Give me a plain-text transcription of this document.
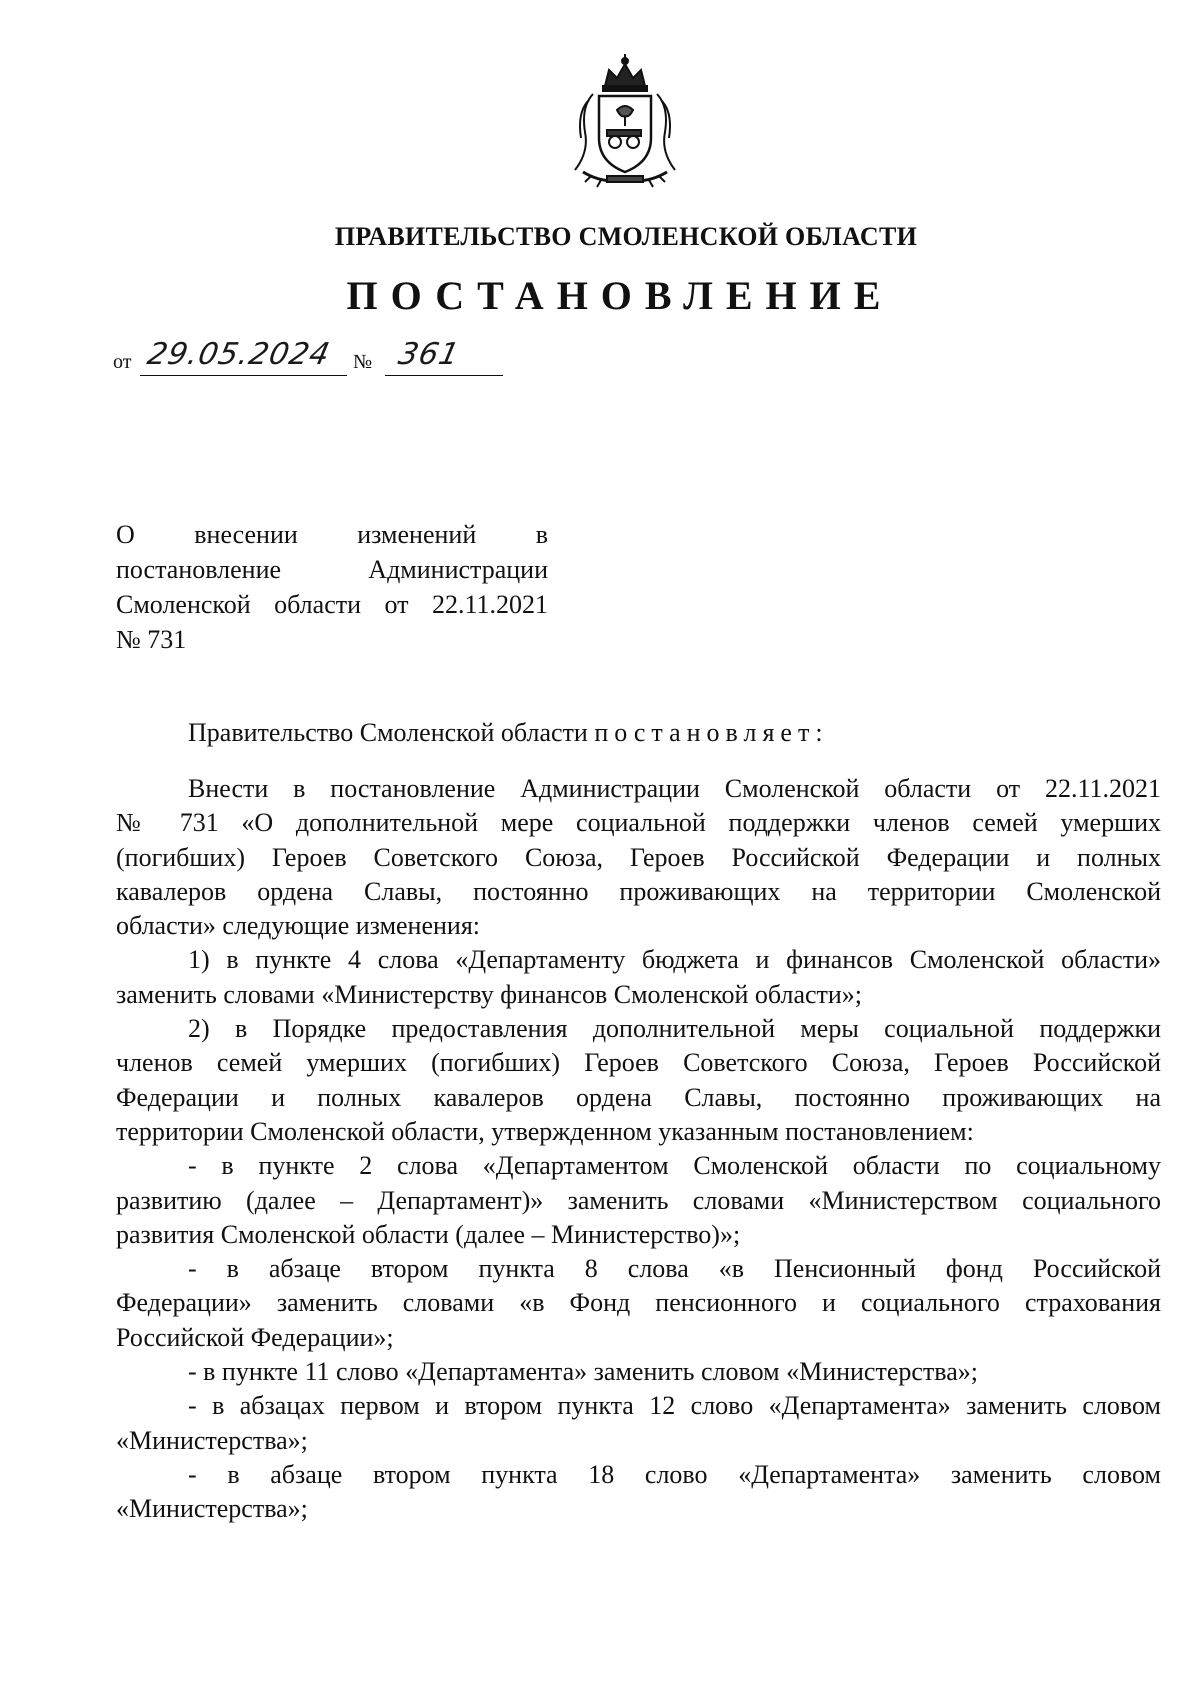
ПРАВИТЕЛЬСТВО СМОЛЕНСКОЙ ОБЛАСТИ
ПОСТАНОВЛЕНИЕ
от 29.05.2024 № 361
О внесении изменений в
постановление Администрации
Смоленской области от 22.11.2021
№ 731
Правительство Смоленской области постановляет:
Внести в постановление Администрации Смоленской области от 22.11.2021
№ 731 «О дополнительной мере социальной поддержки членов семей умерших
(погибших) Героев Советского Союза, Героев Российской Федерации и полных
кавалеров ордена Славы, постоянно проживающих на территории Смоленской
области» следующие изменения:
1) в пункте 4 слова «Департаменту бюджета и финансов Смоленской области»
заменить словами «Министерству финансов Смоленской области»;
2) в Порядке предоставления дополнительной меры социальной поддержки
членов семей умерших (погибших) Героев Советского Союза, Героев Российской
Федерации и полных кавалеров ордена Славы, постоянно проживающих на
территории Смоленской области, утвержденном указанным постановлением:
- в пункте 2 слова «Департаментом Смоленской области по социальному
развитию (далее – Департамент)» заменить словами «Министерством социального
развития Смоленской области (далее – Министерство)»;
- в абзаце втором пункта 8 слова «в Пенсионный фонд Российской
Федерации» заменить словами «в Фонд пенсионного и социального страхования
Российской Федерации»;
- в пункте 11 слово «Департамента» заменить словом «Министерства»;
- в абзацах первом и втором пункта 12 слово «Департамента» заменить словом
«Министерства»;
- в абзаце втором пункта 18 слово «Департамента» заменить словом
«Министерства»;
